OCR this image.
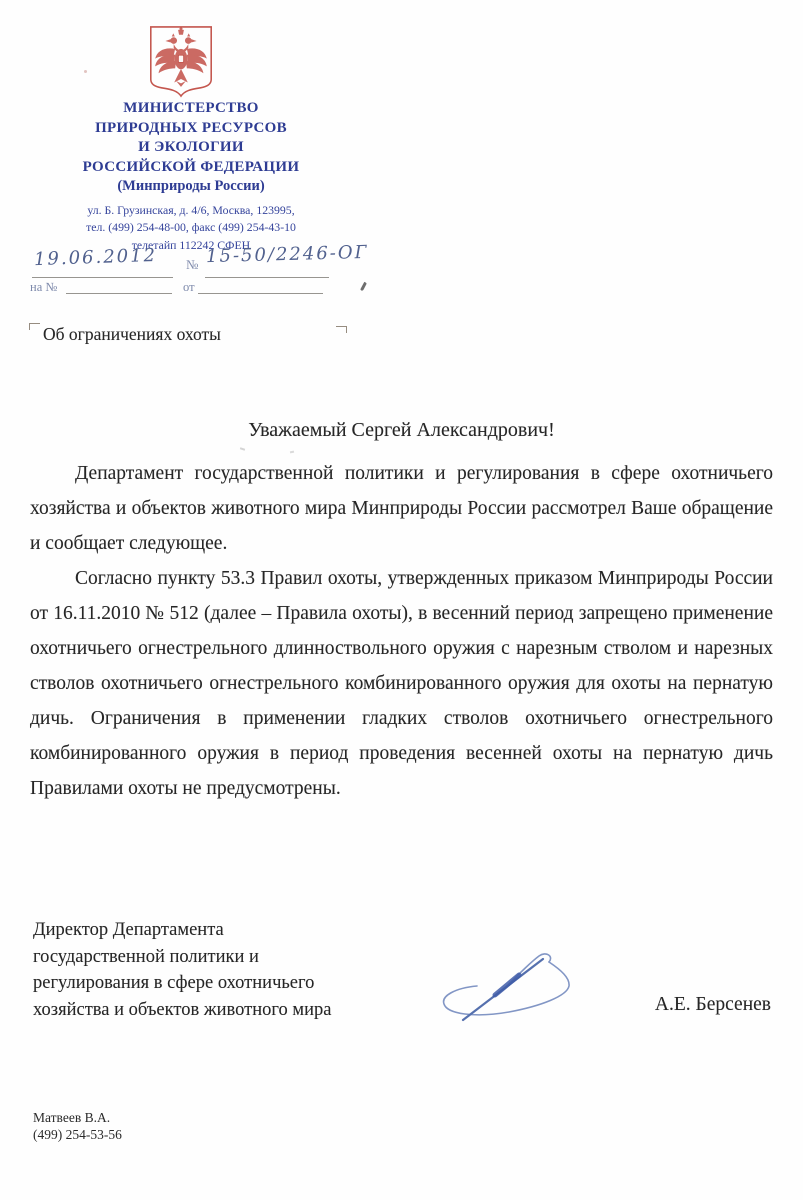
МИНИСТЕРСТВО
ПРИРОДНЫХ РЕСУРСОВ
И ЭКОЛОГИИ
РОССИЙСКОЙ ФЕДЕРАЦИИ
(Минприроды России)
ул. Б. Грузинская, д. 4/6, Москва, 123995,
тел. (499) 254-48-00, факс (499) 254-43-10
телетайп 112242 СФЕН
19.06.2012 № 15-50/2246-ОГ
на №	от
Об ограничениях охоты
Уважаемый Сергей Александрович!

Департамент государственной политики и регулирования в сфере охотничьего хозяйства и объектов животного мира Минприроды России рассмотрел Ваше обращение и сообщает следующее.

Согласно пункту 53.3 Правил охоты, утвержденных приказом Минприроды России от 16.11.2010 № 512 (далее – Правила охоты), в весенний период запрещено применение охотничьего огнестрельного длинноствольного оружия с нарезным стволом и нарезных стволов охотничьего огнестрельного комбинированного оружия для охоты на пернатую дичь. Ограничения в применении гладких стволов охотничьего огнестрельного комбинированного оружия в период проведения весенней охоты на пернатую дичь Правилами охоты не предусмотрены.

Директор Департамента
государственной политики и
регулирования в сфере охотничьего
хозяйства и объектов животного мира	А.Е. Берсенев
Матвеев В.А.
(499) 254-53-56
